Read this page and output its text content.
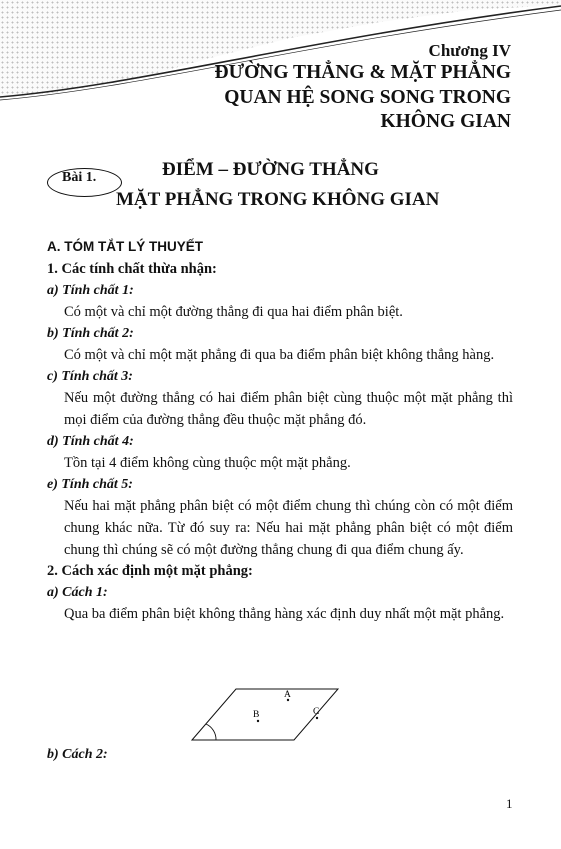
Chương IV
ĐƯỜNG THẲNG & MẶT PHẲNG
QUAN HỆ SONG SONG TRONG
KHÔNG GIAN
Bài 1.	ĐIỂM – ĐƯỜNG THẲNG
MẶT PHẲNG TRONG KHÔNG GIAN
A. TÓM TẮT LÝ THUYẾT
1. Các tính chất thừa nhận:
a) Tính chất 1:
Có một và chỉ một đường thẳng đi qua hai điểm phân biệt.
b) Tính chất 2:
Có một và chỉ một mặt phẳng đi qua ba điểm phân biệt không thẳng hàng.
c) Tính chất 3:
Nếu một đường thẳng có hai điểm phân biệt cùng thuộc một mặt phẳng thì mọi điểm của đường thẳng đều thuộc mặt phẳng đó.
d) Tính chất 4:
Tồn tại 4 điểm không cùng thuộc một mặt phẳng.
e) Tính chất 5:
Nếu hai mặt phẳng phân biệt có một điểm chung thì chúng còn có một điểm chung khác nữa. Từ đó suy ra: Nếu hai mặt phẳng phân biệt có một điểm chung thì chúng sẽ có một đường thẳng chung đi qua điểm chung ấy.
2. Cách xác định một mặt phẳng:
a) Cách 1:
Qua ba điểm phân biệt không thẳng hàng xác định duy nhất một mặt phẳng.
A
B	C
b) Cách 2:
1
